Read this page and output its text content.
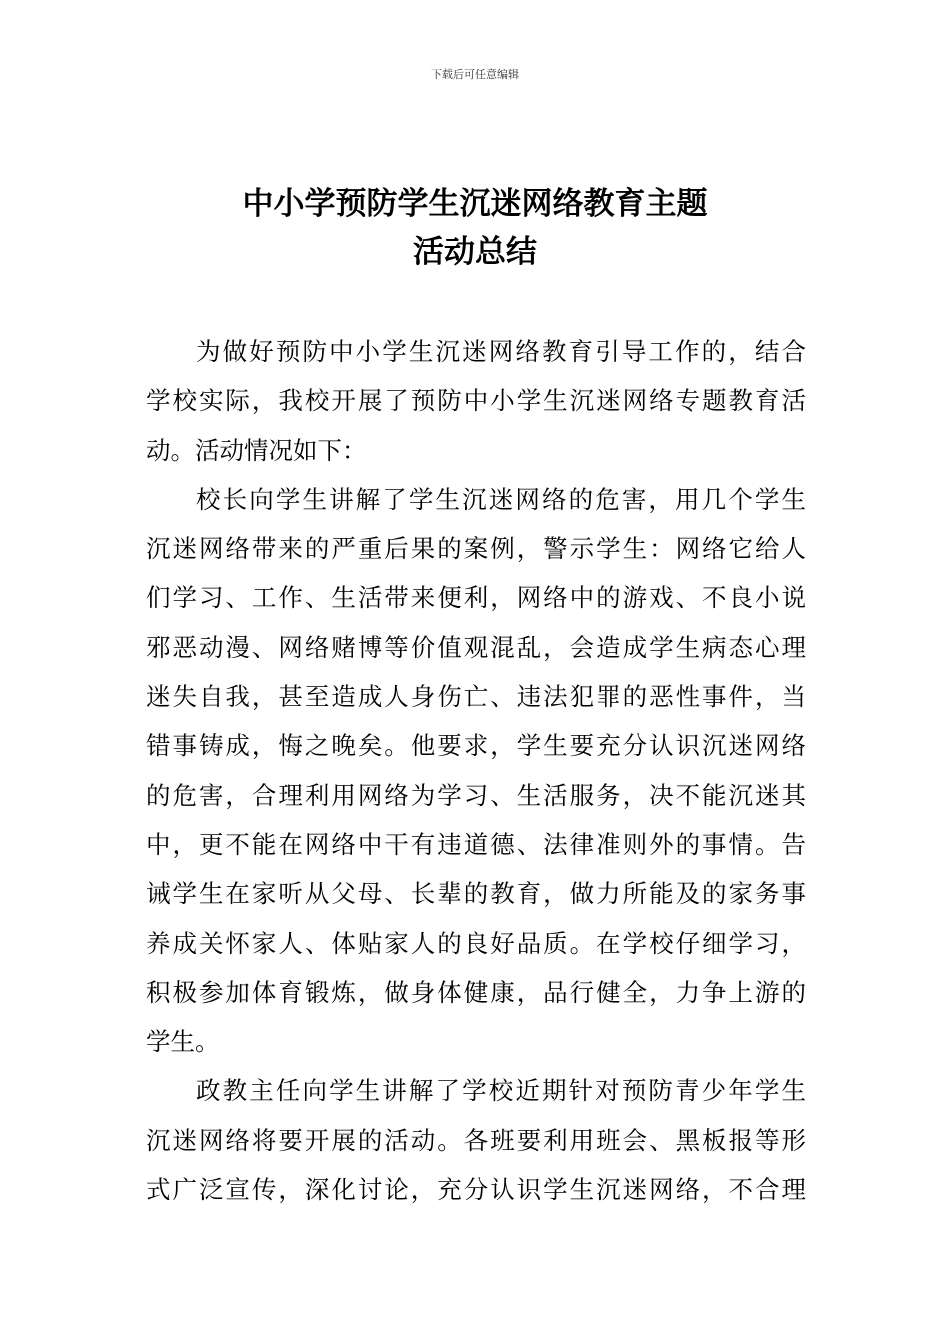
下载后可任意编辑
中小学预防学生沉迷网络教育主题
活动总结
为做好预防中小学生沉迷网络教育引导工作的，结合
学校实际，我校开展了预防中小学生沉迷网络专题教育活
动。活动情况如下：
校长向学生讲解了学生沉迷网络的危害，用几个学生
沉迷网络带来的严重后果的案例，警示学生：网络它给人
们学习、工作、生活带来便利，网络中的游戏、不良小说
邪恶动漫、网络赌博等价值观混乱，会造成学生病态心理
迷失自我，甚至造成人身伤亡、违法犯罪的恶性事件，当
错事铸成，悔之晚矣。他要求，学生要充分认识沉迷网络
的危害，合理利用网络为学习、生活服务，决不能沉迷其
中，更不能在网络中干有违道德、法律准则外的事情。告
诫学生在家听从父母、长辈的教育，做力所能及的家务事
养成关怀家人、体贴家人的良好品质。在学校仔细学习，
积极参加体育锻炼，做身体健康，品行健全，力争上游的
学生。
政教主任向学生讲解了学校近期针对预防青少年学生
沉迷网络将要开展的活动。各班要利用班会、黑板报等形
式广泛宣传，深化讨论，充分认识学生沉迷网络，不合理
